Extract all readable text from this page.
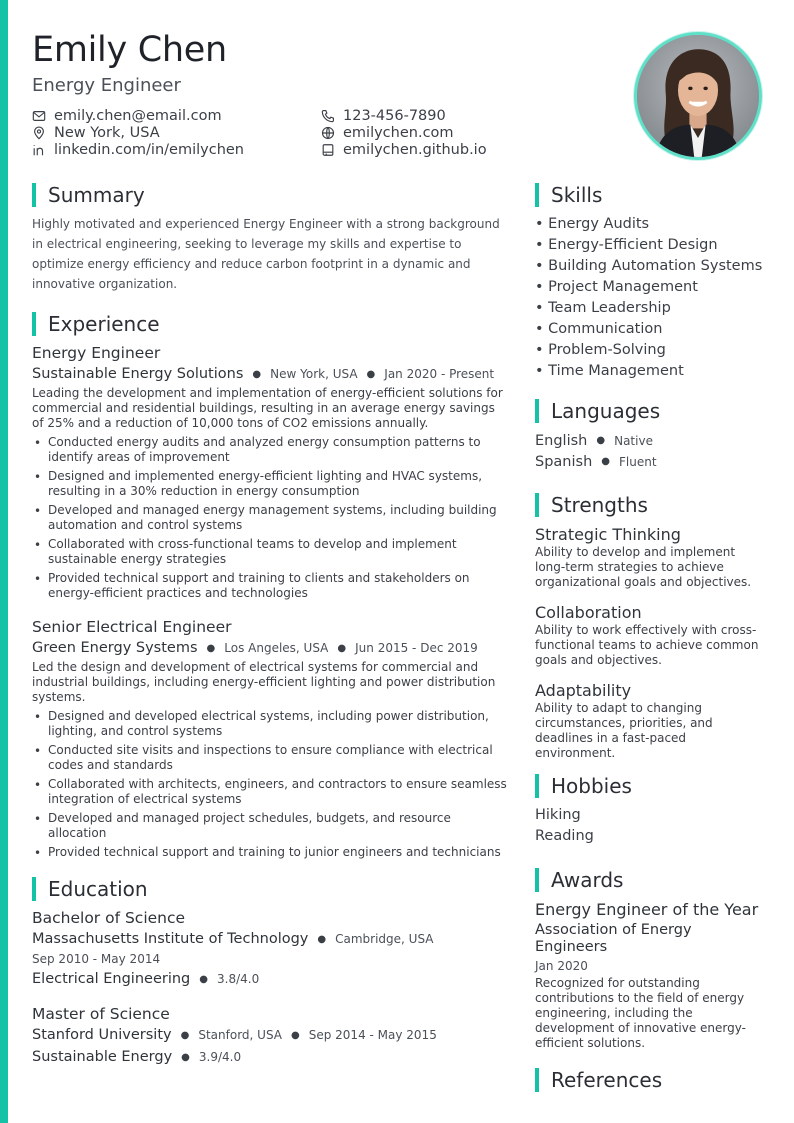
Emily Chen
Energy Engineer
emily.chen@email.com
New York, USA
linkedin.com/in/emilychen
123-456-7890
emilychen.com
emilychen.github.io
Summary

Highly motivated and experienced Energy Engineer with a strong background in electrical engineering, seeking to leverage my skills and expertise to optimize energy efficiency and reduce carbon footprint in a dynamic and innovative organization.

Experience
Energy Engineer
Sustainable Energy Solutions ● New York, USA ● Jan 2020 - Present

Leading the development and implementation of energy-efficient solutions for commercial and residential buildings, resulting in an average energy savings of 25% and a reduction of 10,000 tons of CO2 emissions annually.

• Conducted energy audits and analyzed energy consumption patterns to identify areas of improvement
• Designed and implemented energy-efficient lighting and HVAC systems, resulting in a 30% reduction in energy consumption
• Developed and managed energy management systems, including building automation and control systems
• Collaborated with cross-functional teams to develop and implement sustainable energy strategies
• Provided technical support and training to clients and stakeholders on energy-efficient practices and technologies
Senior Electrical Engineer
Green Energy Systems ● Los Angeles, USA ● Jun 2015 - Dec 2019

Led the design and development of electrical systems for commercial and industrial buildings, including energy-efficient lighting and power distribution systems.

• Designed and developed electrical systems, including power distribution, lighting, and control systems
• Conducted site visits and inspections to ensure compliance with electrical codes and standards
• Collaborated with architects, engineers, and contractors to ensure seamless integration of electrical systems
• Developed and managed project schedules, budgets, and resource allocation
• Provided technical support and training to junior engineers and technicians
Education
Bachelor of Science
Massachusetts Institute of Technology ● Cambridge, USA
Sep 2010 - May 2014
Electrical Engineering ● 3.8/4.0
Master of Science
Stanford University ● Stanford, USA ● Sep 2014 - May 2015
Sustainable Energy ● 3.9/4.0
Skills
• Energy Audits
• Energy-Efficient Design
• Building Automation Systems
• Project Management
• Team Leadership
• Communication
• Problem-Solving
• Time Management
Languages
English ● Native
Spanish ● Fluent
Strengths
Strategic Thinking
Ability to develop and implement long-term strategies to achieve organizational goals and objectives.
Collaboration
Ability to work effectively with cross-functional teams to achieve common goals and objectives.
Adaptability
Ability to adapt to changing circumstances, priorities, and deadlines in a fast-paced environment.
Hobbies
Hiking
Reading
Awards
Energy Engineer of the Year
Association of Energy Engineers
Jan 2020
Recognized for outstanding contributions to the field of energy engineering, including the development of innovative energy-efficient solutions.
References
